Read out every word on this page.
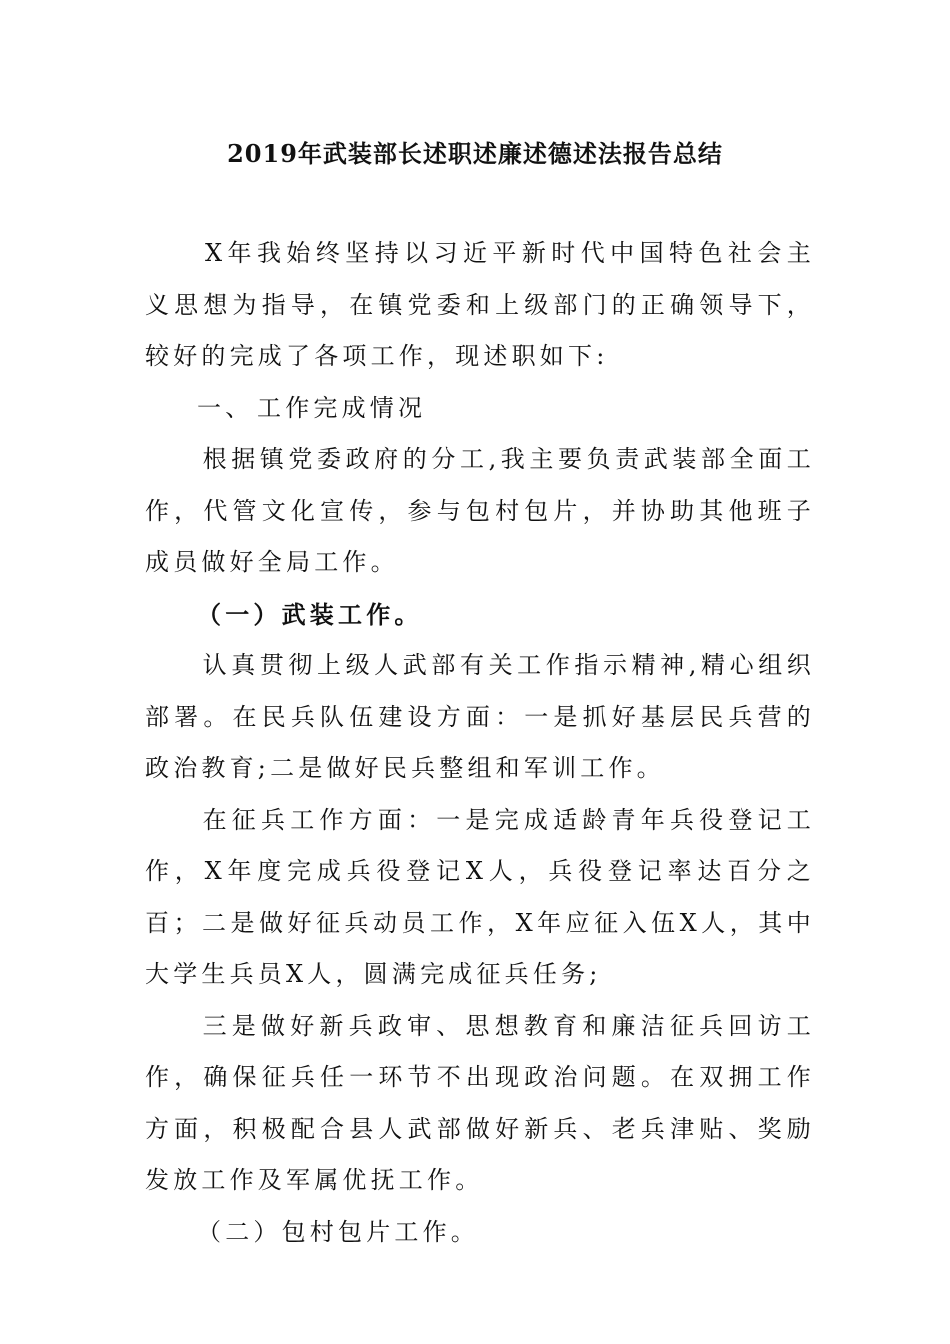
2019年武装部长述职述廉述德述法报告总结

X年我始终坚持以习近平新时代中国特色社会主义思想为指导，在镇党委和上级部门的正确领导下，较好的完成了各项工作，现述职如下:

一、 工作完成情况

根据镇党委政府的分工,我主要负责武装部全面工作，代管文化宣传，参与包村包片，并协助其他班子成员做好全局工作。

（一）武装工作。

认真贯彻上级人武部有关工作指示精神,精心组织部署。在民兵队伍建设方面：一是抓好基层民兵营的政治教育;二是做好民兵整组和军训工作。

在征兵工作方面：一是完成适龄青年兵役登记工作，X年度完成兵役登记X人，兵役登记率达百分之百；二是做好征兵动员工作，X年应征入伍X人，其中大学生兵员X人，圆满完成征兵任务;

三是做好新兵政审、思想教育和廉洁征兵回访工作，确保征兵任一环节不出现政治问题。在双拥工作方面，积极配合县人武部做好新兵、老兵津贴、奖励发放工作及军属优抚工作。

（二）包村包片工作。
